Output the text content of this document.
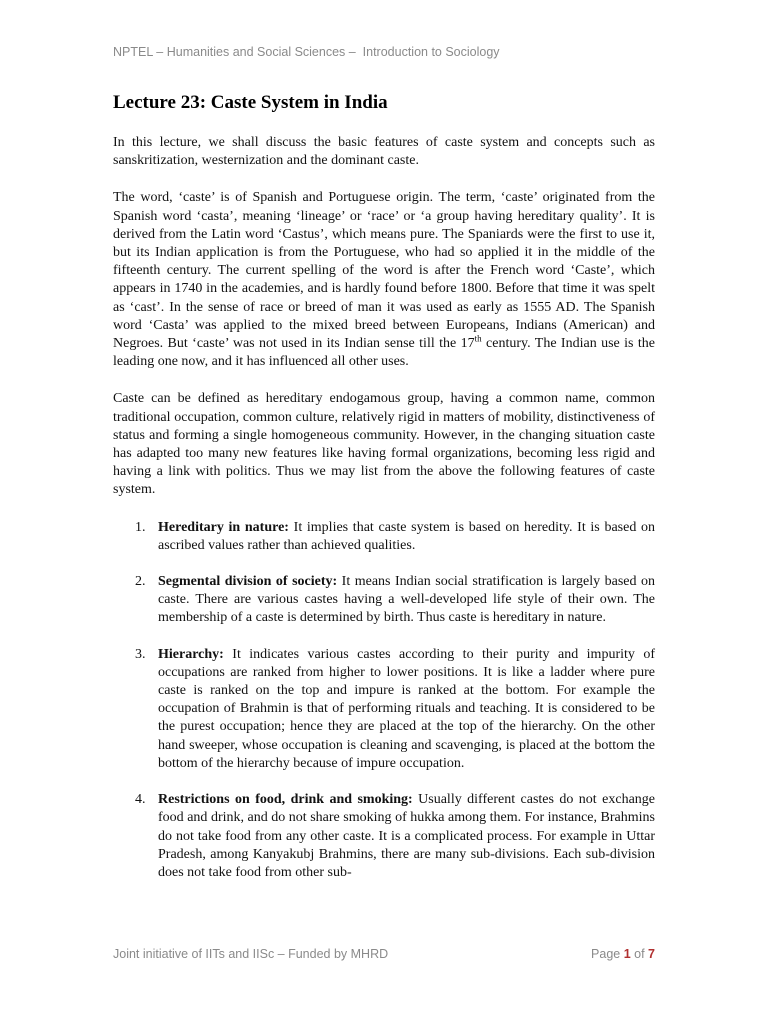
NPTEL – Humanities and Social Sciences –  Introduction to Sociology
Lecture 23: Caste System in India

In this lecture, we shall discuss the basic features of caste system and concepts such as sanskritization, westernization and the dominant caste.

The word, ‘caste’ is of Spanish and Portuguese origin. The term, ‘caste’ originated from the Spanish word ‘casta’, meaning ‘lineage’ or ‘race’ or ‘a group having hereditary quality’. It is derived from the Latin word ‘Castus’, which means pure. The Spaniards were the first to use it, but its Indian application is from the Portuguese, who had so applied it in the middle of the fifteenth century. The current spelling of the word is after the French word ‘Caste’, which appears in 1740 in the academies, and is hardly found before 1800. Before that time it was spelt as ‘cast’. In the sense of race or breed of man it was used as early as 1555 AD. The Spanish word ‘Casta’ was applied to the mixed breed between Europeans, Indians (American) and Negroes. But ‘caste’ was not used in its Indian sense till the 17th century. The Indian use is the leading one now, and it has influenced all other uses.

Caste can be defined as hereditary endogamous group, having a common name, common traditional occupation, common culture, relatively rigid in matters of mobility, distinctiveness of status and forming a single homogeneous community. However, in the changing situation caste has adapted too many new features like having formal organizations, becoming less rigid and having a link with politics. Thus we may list from the above the following features of caste system.

1. Hereditary in nature: It implies that caste system is based on heredity. It is based on ascribed values rather than achieved qualities.
2. Segmental division of society: It means Indian social stratification is largely based on caste. There are various castes having a well-developed life style of their own. The membership of a caste is determined by birth. Thus caste is hereditary in nature.
3. Hierarchy: It indicates various castes according to their purity and impurity of occupations are ranked from higher to lower positions. It is like a ladder where pure caste is ranked on the top and impure is ranked at the bottom. For example the occupation of Brahmin is that of performing rituals and teaching. It is considered to be the purest occupation; hence they are placed at the top of the hierarchy. On the other hand sweeper, whose occupation is cleaning and scavenging, is placed at the bottom the bottom of the hierarchy because of impure occupation.
4. Restrictions on food, drink and smoking: Usually different castes do not exchange food and drink, and do not share smoking of hukka among them. For instance, Brahmins do not take food from any other caste. It is a complicated process. For example in Uttar Pradesh, among Kanyakubj Brahmins, there are many sub-divisions. Each sub-division does not take food from other sub-
Joint initiative of IITs and IISc – Funded by MHRD	Page 1 of 7
